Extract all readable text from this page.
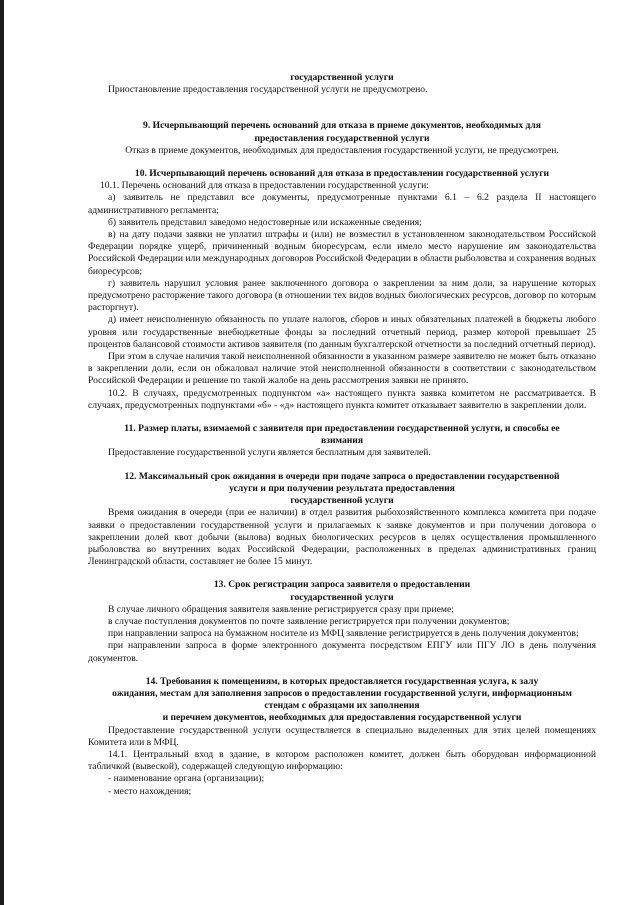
государственной услуги
Приостановление предоставления государственной услуги не предусмотрено.
9. Исчерпывающий перечень оснований для отказа в приеме документов, необходимых для
предоставления государственной услуги
Отказ в приеме документов, необходимых для предоставления государственной услуги, не предусмотрен.
10. Исчерпывающий перечень оснований для отказа в предоставлении государственной услуги
10.1. Перечень оснований для отказа в предоставлении государственной услуги:
а) заявитель не представил все документы, предусмотренные пунктами 6.1 – 6.2 раздела II настоящего административного регламента;
б) заявитель представил заведомо недостоверные или искаженные сведения;
в) на дату подачи заявки не уплатил штрафы и (или) не возместил в установленном законодательством Российской Федерации порядке ущерб, причиненный водным биоресурсам, если имело место нарушение им законодательства Российской Федерации или международных договоров Российской Федерации в области рыболовства и сохранения водных биоресурсов;
г) заявитель нарушил условия ранее заключенного договора о закреплении за ним доли, за нарушение которых предусмотрено расторжение такого договора (в отношении тех видов водных биологических ресурсов, договор по которым расторгнут).
д) имеет неисполненную обязанность по уплате налогов, сборов и иных обязательных платежей в бюджеты любого уровня или государственные внебюджетные фонды за последний отчетный период, размер которой превышает 25 процентов балансовой стоимости активов заявителя (по данным бухгалтерской отчетности за последний отчетный период).
При этом в случае наличия такой неисполненной обязанности в указанном размере заявителю не может быть отказано в закреплении доли, если он обжаловал наличие этой неисполненной обязанности в соответствии с законодательством Российской Федерации и решение по такой жалобе на день рассмотрения заявки не принято.
10.2. В случаях, предусмотренных подпунктом «а» настоящего пункта заявка комитетом не рассматривается. В случаях, предусмотренных подпунктами «б» - «д» настоящего пункта комитет отказывает заявителю в закреплении доли.
11. Размер платы, взимаемой с заявителя при предоставлении государственной услуги, и способы ее
взимания
Предоставление государственной услуги является бесплатным для заявителей.
12. Максимальный срок ожидания в очереди при подаче запроса о предоставлении государственной
услуги и при получении результата предоставления
государственной услуги
Время ожидания в очереди (при ее наличии) в отдел развития рыбохозяйственного комплекса комитета при подаче заявки о предоставлении государственной услуги и прилагаемых к заявке документов и при получении договора о закреплении долей квот добычи (вылова) водных биологических ресурсов в целях осуществления промышленного рыболовства во внутренних водах Российской Федерации, расположенных в пределах административных границ Ленинградской области, составляет не более 15 минут.
13. Срок регистрации запроса заявителя о предоставлении
государственной услуги
В случае личного обращения заявителя заявление регистрируется сразу при приеме;
в случае поступления документов по почте заявление регистрируется при получении документов;
при направлении запроса на бумажном носителе из МФЦ заявление регистрируется в день получения документов;
при направлении запроса в форме электронного документа посредством ЕПГУ или ПГУ ЛО в день получения документов.
14. Требования к помещениям, в которых предоставляется государственная услуга, к залу
ожидания, местам для заполнения запросов о предоставлении государственной услуги, информационным
стендам с образцами их заполнения
и перечнем документов, необходимых для предоставления государственной услуги
Предоставление государственной услуги осуществляется в специально выделенных для этих целей помещениях Комитета или в МФЦ.
14.1. Центральный вход в здание, в котором расположен комитет, должен быть оборудован информационной табличкой (вывеской), содержащей следующую информацию:
- наименование органа (организации);
- место нахождения;
